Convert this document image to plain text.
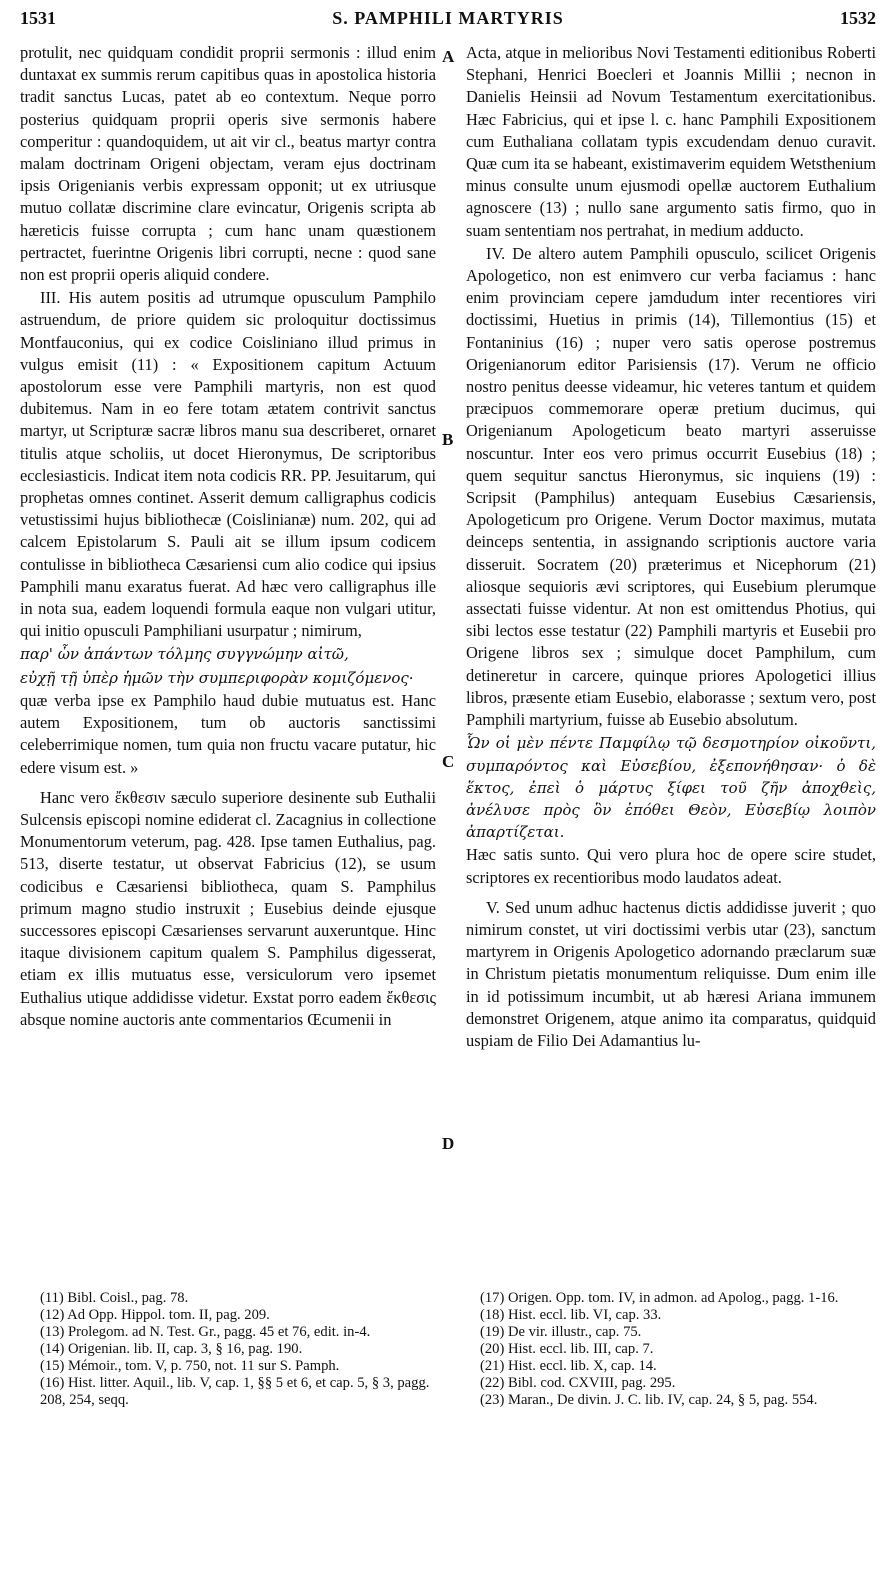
1531	S. PAMPHILI MARTYRIS	1532
A
B
C
D

protulit, nec quidquam condidit proprii sermonis : illud enim duntaxat ex summis rerum capitibus quas in apostolica historia tradit sanctus Lucas, patet ab eo contextum. Neque porro posterius quidquam proprii operis sive sermonis habere comperitur : quandoquidem, ut ait vir cl., beatus martyr contra malam doctrinam Origeni objectam, veram ejus doctrinam ipsis Origenianis verbis expressam opponit; ut ex utriusque mutuo collatæ discrimine clare evincatur, Origenis scripta ab hæreticis fuisse corrupta ; cum hanc unam quæstionem pertractet, fuerintne Origenis libri corrupti, necne : quod sane non est proprii operis aliquid condere.

III. His autem positis ad utrumque opusculum Pamphilo astruendum, de priore quidem sic proloquitur doctissimus Montfauconius, qui ex codice Coisliniano illud primus in vulgus emisit (11) : « Expositionem capitum Actuum apostolorum esse vere Pamphili martyris, non est quod dubitemus. Nam in eo fere totam ætatem contrivit sanctus martyr, ut Scripturæ sacræ libros manu sua describeret, ornaret titulis atque scholiis, ut docet Hieronymus, De scriptoribus ecclesiasticis. Indicat item nota codicis RR. PP. Jesuitarum, qui prophetas omnes continet. Asserit demum calligraphus codicis vetustissimi hujus bibliothecæ (Coislinianæ) num. 202, qui ad calcem Epistolarum S. Pauli ait se illum ipsum codicem contulisse in bibliotheca Cæsariensi cum alio codice qui ipsius Pamphili manu exaratus fuerat. Ad hæc vero calligraphus ille in nota sua, eadem loquendi formula eaque non vulgari utitur, qui initio opusculi Pamphiliani usurpatur ; nimirum,

παρ' ὧν ἁπάντων τόλμης συγγνώμην αἰτῶ,

εὐχῇ τῇ ὑπὲρ ἡμῶν τὴν συμπεριφορὰν κομιζόμενος·

quæ verba ipse ex Pamphilo haud dubie mutuatus est. Hanc autem Expositionem, tum ob auctoris sanctissimi celeberrimique nomen, tum quia non fructu vacare putatur, hic edere visum est. »

Hanc vero ἔκθεσιν sæculo superiore desinente sub Euthalii Sulcensis episcopi nomine ediderat cl. Zacagnius in collectione Monumentorum veterum, pag. 428. Ipse tamen Euthalius, pag. 513, diserte testatur, ut observat Fabricius (12), se usum codicibus e Cæsariensi bibliotheca, quam S. Pamphilus primum magno studio instruxit ; Eusebius deinde ejusque successores episcopi Cæsarienses servarunt auxeruntque. Hinc itaque divisionem capitum qualem S. Pamphilus digesserat, etiam ex illis mutuatus esse, versiculorum vero ipsemet Euthalius utique addidisse videtur. Exstat porro eadem ἔκθεσις absque nomine auctoris ante commentarios Œcumenii in

Acta, atque in melioribus Novi Testamenti editionibus Roberti Stephani, Henrici Boecleri et Joannis Millii ; necnon in Danielis Heinsii ad Novum Testamentum exercitationibus. Hæc Fabricius, qui et ipse l. c. hanc Pamphili Expositionem cum Euthaliana collatam typis excudendam denuo curavit. Quæ cum ita se habeant, existimaverim equidem Wetsthenium minus consulte unum ejusmodi opellæ auctorem Euthalium agnoscere (13) ; nullo sane argumento satis firmo, quo in suam sententiam nos pertrahat, in medium adducto.

IV. De altero autem Pamphili opusculo, scilicet Origenis Apologetico, non est enimvero cur verba faciamus : hanc enim provinciam cepere jamdudum inter recentiores viri doctissimi, Huetius in primis (14), Tillemontius (15) et Fontaninius (16) ; nuper vero satis operose postremus Origenianorum editor Parisiensis (17). Verum ne officio nostro penitus deesse videamur, hic veteres tantum et quidem præcipuos commemorare operæ pretium ducimus, qui Origenianum Apologeticum beato martyri asseruisse noscuntur. Inter eos vero primus occurrit Eusebius (18) ; quem sequitur sanctus Hieronymus, sic inquiens (19) : Scripsit (Pamphilus) antequam Eusebius Cæsariensis, Apologeticum pro Origene. Verum Doctor maximus, mutata deinceps sententia, in assignando scriptionis auctore varia disseruit. Socratem (20) præterimus et Nicephorum (21) aliosque sequioris ævi scriptores, qui Eusebium plerumque assectati fuisse videntur. At non est omittendus Photius, qui sibi lectos esse testatur (22) Pamphili martyris et Eusebii pro Origene libros sex ; simulque docet Pamphilum, cum detineretur in carcere, quinque priores Apologetici illius libros, præsente etiam Eusebio, elaborasse ; sextum vero, post Pamphili martyrium, fuisse ab Eusebio absolutum.

Ὧν οἱ μὲν πέντε Παμφίλῳ τῷ δεσμοτηρίον οἰκοῦντι, συμπαρόντος καὶ Εὐσεβίου, ἐξεπονήθησαν· ὁ δὲ ἕκτος, ἐπεὶ ὁ μάρτυς ξίφει τοῦ ζῆν ἀποχθεὶς, ἀνέλυσε πρὸς ὃν ἐπόθει Θεὸν, Εὐσεβίῳ λοιπὸν ἀπαρτίζεται.

Hæc satis sunto. Qui vero plura hoc de opere scire studet, scriptores ex recentioribus modo laudatos adeat.

V. Sed unum adhuc hactenus dictis addidisse juverit ; quo nimirum constet, ut viri doctissimi verbis utar (23), sanctum martyrem in Origenis Apologetico adornando præclarum suæ in Christum pietatis monumentum reliquisse. Dum enim ille in id potissimum incumbit, ut ab hæresi Ariana immunem demonstret Origenem, atque animo ita comparatus, quidquid uspiam de Filio Dei Adamantius lu-

(11) Bibl. Coisl., pag. 78.
(12) Ad Opp. Hippol. tom. II, pag. 209.
(13) Prolegom. ad N. Test. Gr., pagg. 45 et 76, edit. in-4.
(14) Origenian. lib. II, cap. 3, § 16, pag. 190.
(15) Mémoir., tom. V, p. 750, not. 11 sur S. Pamph.
(16) Hist. litter. Aquil., lib. V, cap. 1, §§ 5 et 6, et cap. 5, § 3, pagg. 208, 254, seqq.
(17) Origen. Opp. tom. IV, in admon. ad Apolog., pagg. 1-16.
(18) Hist. eccl. lib. VI, cap. 33.
(19) De vir. illustr., cap. 75.
(20) Hist. eccl. lib. III, cap. 7.
(21) Hist. eccl. lib. X, cap. 14.
(22) Bibl. cod. CXVIII, pag. 295.
(23) Maran., De divin. J. C. lib. IV, cap. 24, § 5, pag. 554.
